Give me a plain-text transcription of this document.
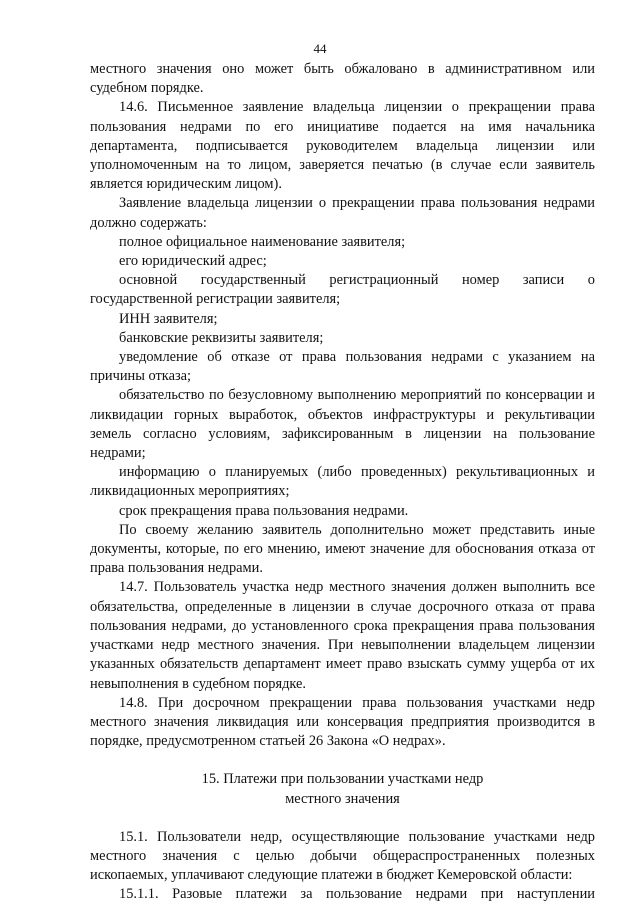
44

местного значения оно может быть обжаловано в административном или судебном порядке.

14.6. Письменное заявление владельца лицензии о прекращении права пользования недрами по его инициативе подается на имя начальника департамента, подписывается руководителем владельца лицензии или уполномоченным на то лицом, заверяется печатью (в случае если заявитель является юридическим лицом).

Заявление владельца лицензии о прекращении права пользования недрами должно содержать:

полное официальное наименование заявителя;

его юридический адрес;

основной государственный регистрационный номер записи о государственной регистрации заявителя;

ИНН заявителя;

банковские реквизиты заявителя;

уведомление об отказе от права пользования недрами с указанием на причины отказа;

обязательство по безусловному выполнению мероприятий по консервации и ликвидации горных выработок, объектов инфраструктуры и рекультивации земель согласно условиям, зафиксированным в лицензии на пользование недрами;

информацию о планируемых (либо проведенных) рекультивационных и ликвидационных мероприятиях;

срок прекращения права пользования недрами.

По своему желанию заявитель дополнительно может представить иные документы, которые, по его мнению, имеют значение для обоснования отказа от права пользования недрами.

14.7. Пользователь участка недр местного значения должен выполнить все обязательства, определенные в лицензии в случае досрочного отказа от права пользования недрами, до установленного срока прекращения права пользования участками недр местного значения. При невыполнении владельцем лицензии указанных обязательств департамент имеет право взыскать сумму ущерба от их невыполнения в судебном порядке.

14.8. При досрочном прекращении права пользования участками недр местного значения ликвидация или консервация предприятия производится в порядке, предусмотренном статьей 26 Закона «О недрах».

15. Платежи при пользовании участками недр

местного значения

15.1. Пользователи недр, осуществляющие пользование участками недр местного значения с целью добычи общераспространенных полезных ископаемых, уплачивают следующие платежи в бюджет Кемеровской области:

15.1.1. Разовые платежи за пользование недрами при наступлении
